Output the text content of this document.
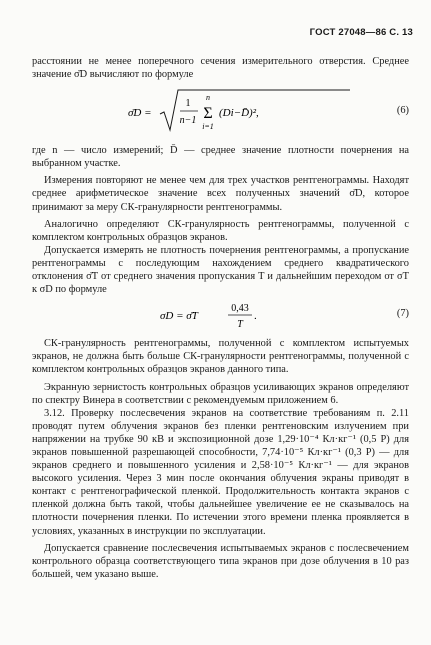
ГОСТ 27048—86 С. 13

расстоянии не менее поперечного сечения измерительного отверстия. Среднее значение σ̄D вычисляют по формуле

σ̄D =
1
n−1
n
Σ
i=1
(Di−D̄)²,	(6)

где n — число измерений; D̄ — среднее значение плотности почернения на выбранном участке.

Измерения повторяют не менее чем для трех участков рентгенограммы. Находят среднее арифметическое значение всех полученных значений σ̄D, которое принимают за меру СК-гранулярности рентгенограммы.

Аналогично определяют СК-гранулярность рентгенограммы, полученной с комплектом контрольных образцов экранов.

Допускается измерять не плотность почернения рентгенограммы, а пропускание рентгенограммы с последующим нахождением среднего квадратического отклонения σ̄T от среднего значения пропускания T и дальнейшим переходом от σT к σD по формуле

σD = σ̄T
0,43
T
.	(7)

СК-гранулярность рентгенограммы, полученной с комплектом испытуемых экранов, не должна быть больше СК-гранулярности рентгенограммы, полученной с комплектом контрольных образцов экранов данного типа.

Экранную зернистость контрольных образцов усиливающих экранов определяют по спектру Винера в соответствии с рекомендуемым приложением 6.

3.12. Проверку послесвечения экранов на соответствие требованиям п. 2.11 проводят путем облучения экранов без пленки рентгеновским излучением при напряжении на трубке 90 кВ и экспозиционной дозе 1,29·10⁻⁴ Кл·кг⁻¹ (0,5 Р) для экранов повышенной разрешающей способности, 7,74·10⁻⁵ Кл·кг⁻¹ (0,3 Р) — для экранов среднего и повышенного усиления и 2,58·10⁻⁵ Кл·кг⁻¹ — для экранов высокого усиления. Через 3 мин после окончания облучения экраны приводят в контакт с рентгенографической пленкой. Продолжительность контакта экранов с пленкой должна быть такой, чтобы дальнейшее увеличение ее не сказывалось на плотности почернения пленки. По истечении этого времени пленка проявляется в условиях, указанных в инструкции по эксплуатации.

Допускается сравнение послесвечения испытываемых экранов с послесвечением контрольного образца соответствующего типа экранов при дозе облучения в 10 раз большей, чем указано выше.
